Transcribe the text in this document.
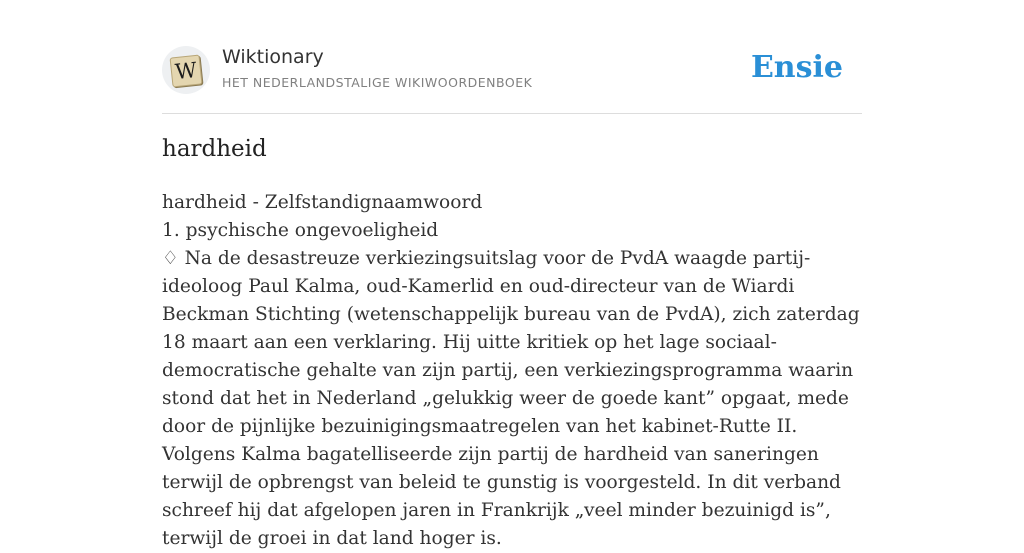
W
Wiktionary
HET NEDERLANDSTALIGE WIKIWOORDENBOEK	Ensie
hardheid

hardheid - Zelfstandignaamwoord

1. psychische ongevoeligheid

♢ Na de desastreuze verkiezingsuitslag voor de PvdA waagde partij-ideoloog Paul Kalma, oud-Kamerlid en oud-directeur van de Wiardi Beckman Stichting (wetenschappelijk bureau van de PvdA), zich zaterdag 18 maart aan een verklaring. Hij uitte kritiek op het lage sociaal-democratische gehalte van zijn partij, een verkiezingsprogramma waarin stond dat het in Nederland „gelukkig weer de goede kant” opgaat, mede door de pijnlijke bezuinigingsmaatregelen van het kabinet-Rutte II. Volgens Kalma bagatelliseerde zijn partij de hardheid van saneringen terwijl de opbrengst van beleid te gunstig is voorgesteld. In dit verband schreef hij dat afgelopen jaren in Frankrijk „veel minder bezuinigd is”, terwijl de groei in dat land hoger is.
